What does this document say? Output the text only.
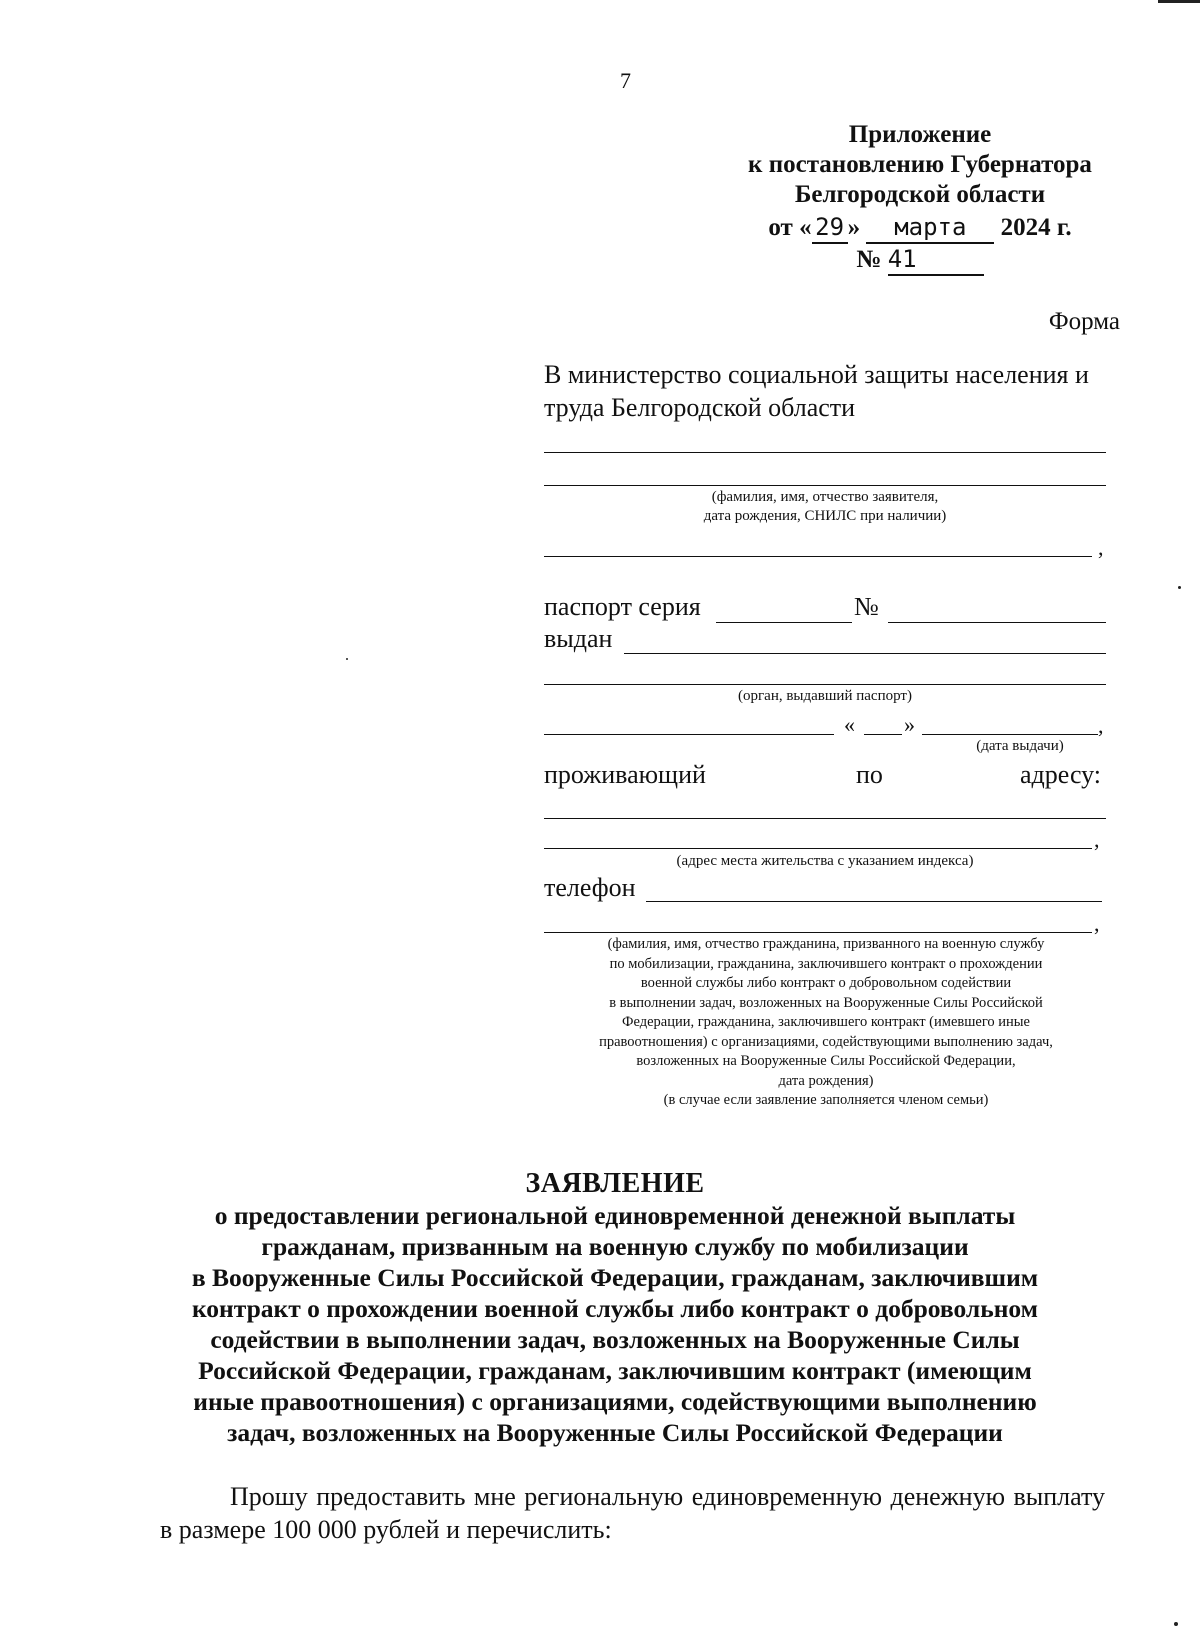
7
Приложение
к постановлению Губернатора
Белгородской области
от « 29 » марта 2024 г.
№ 41
Форма
В министерство социальной защиты населения и труда Белгородской области
(фамилия, имя, отчество заявителя,
дата рождения, СНИЛС при наличии)
,
паспорт серия	№
выдан
(орган, выдавший паспорт)
« »	,
(дата выдачи)
проживающий	по	адресу:
,
(адрес места жительства с указанием индекса)
телефон
,
(фамилия, имя, отчество гражданина, призванного на военную службу
по мобилизации, гражданина, заключившего контракт о прохождении
военной службы либо контракт о добровольном содействии
в выполнении задач, возложенных на Вооруженные Силы Российской
Федерации, гражданина, заключившего контракт (имевшего иные
правоотношения) с организациями, содействующими выполнению задач,
возложенных на Вооруженные Силы Российской Федерации,
дата рождения)
(в случае если заявление заполняется членом семьи)
ЗАЯВЛЕНИЕ
о предоставлении региональной единовременной денежной выплаты
гражданам, призванным на военную службу по мобилизации
в Вооруженные Силы Российской Федерации, гражданам, заключившим
контракт о прохождении военной службы либо контракт о добровольном
содействии в выполнении задач, возложенных на Вооруженные Силы
Российской Федерации, гражданам, заключившим контракт (имеющим
иные правоотношения) с организациями, содействующими выполнению
задач, возложенных на Вооруженные Силы Российской Федерации
Прошу предоставить мне региональную единовременную денежную выплату в размере 100 000 рублей и перечислить:
